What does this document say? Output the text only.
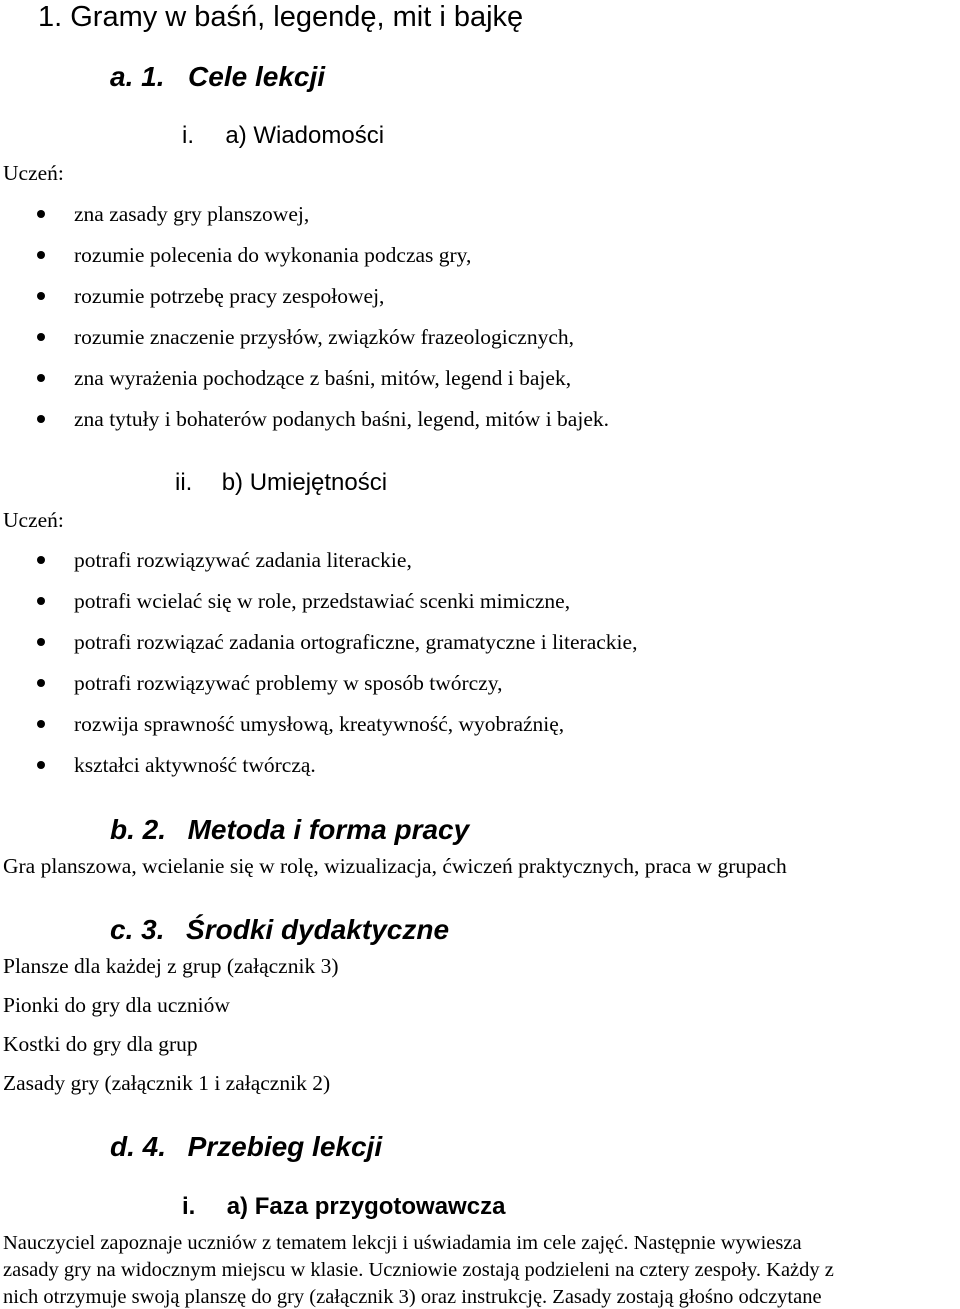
1. Gramy w baśń, legendę, mit i bajkę
a. 1. Cele lekcji
i. a) Wiadomości
Uczeń:
zna zasady gry planszowej,
rozumie polecenia do wykonania podczas gry,
rozumie potrzebę pracy zespołowej,
rozumie znaczenie przysłów, związków frazeologicznych,
zna wyrażenia pochodzące z baśni, mitów, legend i bajek,
zna tytuły i bohaterów podanych baśni, legend, mitów i bajek.
ii. b) Umiejętności
Uczeń:
potrafi rozwiązywać zadania literackie,
potrafi wcielać się w role, przedstawiać scenki mimiczne,
potrafi rozwiązać zadania ortograficzne, gramatyczne i literackie,
potrafi rozwiązywać problemy w sposób twórczy,
rozwija sprawność umysłową, kreatywność, wyobraźnię,
kształci aktywność twórczą.
b. 2. Metoda i forma pracy
Gra planszowa, wcielanie się w rolę, wizualizacja, ćwiczeń praktycznych, praca w grupach
c. 3. Środki dydaktyczne
Plansze dla każdej z grup (załącznik 3)
Pionki do gry dla uczniów
Kostki do gry dla grup
Zasady gry (załącznik 1 i załącznik 2)
d. 4. Przebieg lekcji
i. a) Faza przygotowawcza
Nauczyciel zapoznaje uczniów z tematem lekcji i uświadamia im cele zajęć. Następnie wywiesza
zasady gry na widocznym miejscu w klasie. Uczniowie zostają podzieleni na cztery zespoły. Każdy z
nich otrzymuje swoją planszę do gry (załącznik 3) oraz instrukcję. Zasady zostają głośno odczytane
